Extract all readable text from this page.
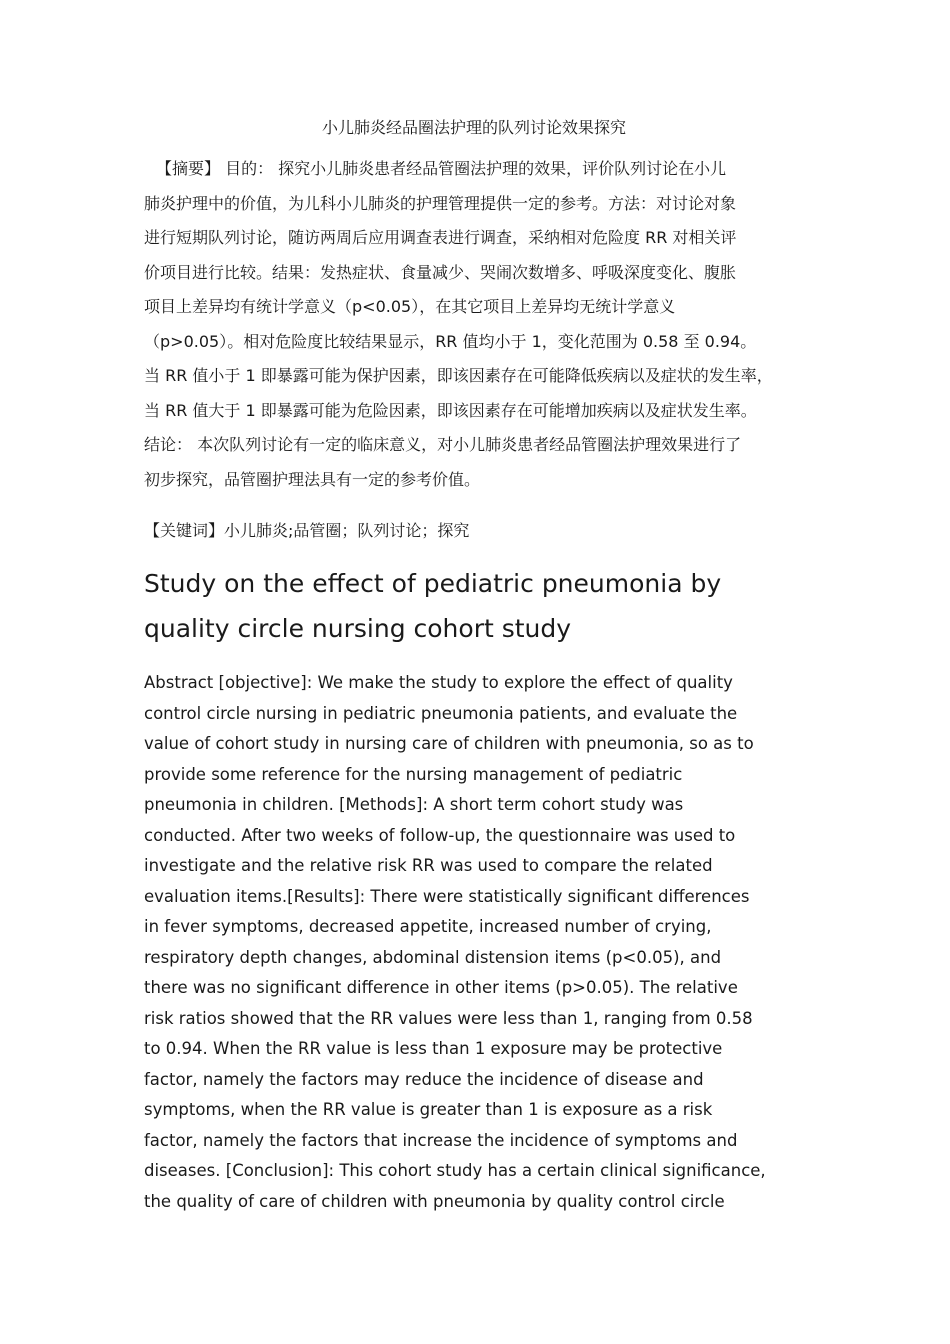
小儿肺炎经品圈法护理的队列讨论效果探究

【摘要】 目的： 探究小儿肺炎患者经品管圈法护理的效果，评价队列讨论在小儿
肺炎护理中的价值，为儿科小儿肺炎的护理管理提供一定的参考。方法：对讨论对象
进行短期队列讨论，随访两周后应用调查表进行调查，采纳相对危险度 RR 对相关评
价项目进行比较。结果：发热症状、食量减少、哭闹次数增多、呼吸深度变化、腹胀
项目上差异均有统计学意义（p<0.05），在其它项目上差异均无统计学意义
（p>0.05）。相对危险度比较结果显示，RR 值均小于 1，变化范围为 0.58 至 0.94。
当 RR 值小于 1 即暴露可能为保护因素，即该因素存在可能降低疾病以及症状的发生率，
当 RR 值大于 1 即暴露可能为危险因素，即该因素存在可能增加疾病以及症状发生率。
结论： 本次队列讨论有一定的临床意义，对小儿肺炎患者经品管圈法护理效果进行了
初步探究，品管圈护理法具有一定的参考价值。

【关键词】小儿肺炎;品管圈；队列讨论；探究

Study on the effect of pediatric pneumonia by
quality circle nursing cohort study

Abstract [objective]: We make the study to explore the effect of quality
control circle nursing in pediatric pneumonia patients, and evaluate the
value of cohort study in nursing care of children with pneumonia, so as to
provide some reference for the nursing management of pediatric
pneumonia in children. [Methods]: A short term cohort study was
conducted. After two weeks of follow-up, the questionnaire was used to
investigate and the relative risk RR was used to compare the related
evaluation items.[Results]: There were statistically significant differences
in fever symptoms, decreased appetite, increased number of crying,
respiratory depth changes, abdominal distension items (p<0.05), and
there was no significant difference in other items (p>0.05). The relative
risk ratios showed that the RR values were less than 1, ranging from 0.58
to 0.94. When the RR value is less than 1 exposure may be protective
factor, namely the factors may reduce the incidence of disease and
symptoms, when the RR value is greater than 1 is exposure as a risk
factor, namely the factors that increase the incidence of symptoms and
diseases. [Conclusion]: This cohort study has a certain clinical significance,
the quality of care of children with pneumonia by quality control circle
